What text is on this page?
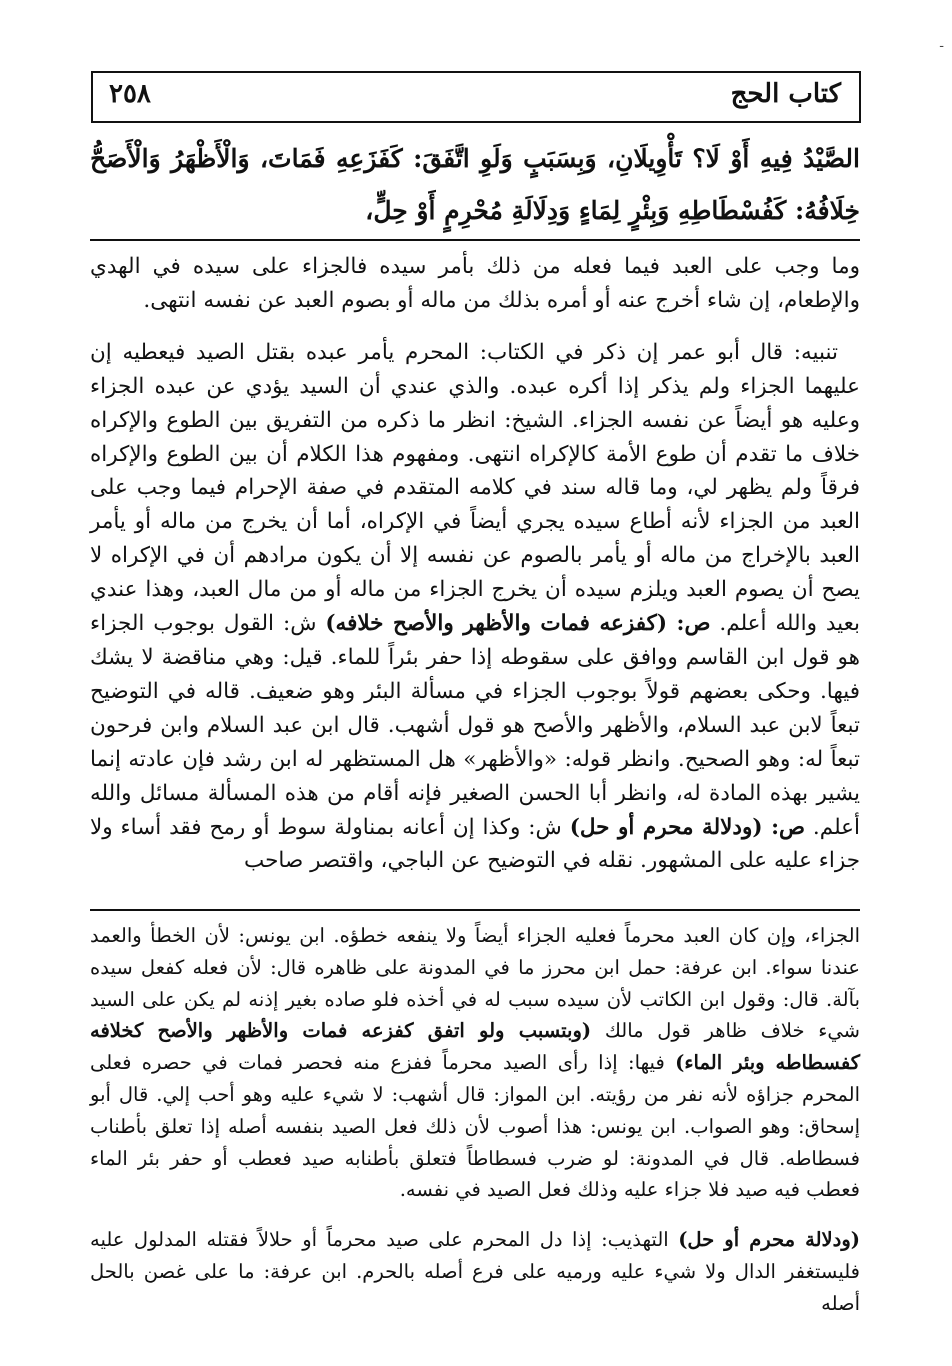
-
كتاب الحج
٢٥٨

الصَّيْدُ فِيهِ أَوْ لَا؟ تَأْوِيلَانِ، وَبِسَبَبٍ وَلَوِ اتَّفَقَ: كَفَزَعِهِ فَمَاتَ، وَالْأَظْهَرُ وَالْأَصَحُّ خِلَافُهُ: كَفُسْطَاطِهِ وَبِئْرٍ لِمَاءٍ وَدِلَالَةِ مُحْرِمٍ أَوْ حِلٍّ،

وما وجب على العبد فيما فعله من ذلك بأمر سيده فالجزاء على سيده في الهدي والإطعام، إن شاء أخرج عنه أو أمره بذلك من ماله أو بصوم العبد عن نفسه انتهى.

تنبيه: قال أبو عمر إن ذكر في الكتاب: المحرم يأمر عبده بقتل الصيد فيعطيه إن عليهما الجزاء ولم يذكر إذا أكره عبده. والذي عندي أن السيد يؤدي عن عبده الجزاء وعليه هو أيضاً عن نفسه الجزاء. الشيخ: انظر ما ذكره من التفريق بين الطوع والإكراه خلاف ما تقدم أن طوع الأمة كالإكراه انتهى. ومفهوم هذا الكلام أن بين الطوع والإكراه فرقاً ولم يظهر لي، وما قاله سند في كلامه المتقدم في صفة الإحرام فيما وجب على العبد من الجزاء لأنه أطاع سيده يجري أيضاً في الإكراه، أما أن يخرج من ماله أو يأمر العبد بالإخراج من ماله أو يأمر بالصوم عن نفسه إلا أن يكون مرادهم أن في الإكراه لا يصح أن يصوم العبد ويلزم سيده أن يخرج الجزاء من ماله أو من مال العبد، وهذا عندي بعيد والله أعلم. ص: (كفزعه فمات والأظهر والأصح خلافه) ش: القول بوجوب الجزاء هو قول ابن القاسم ووافق على سقوطه إذا حفر بئراً للماء. قيل: وهي مناقضة لا يشك فيها. وحكى بعضهم قولاً بوجوب الجزاء في مسألة البئر وهو ضعيف. قاله في التوضيح تبعاً لابن عبد السلام، والأظهر والأصح هو قول أشهب. قال ابن عبد السلام وابن فرحون تبعاً له: وهو الصحيح. وانظر قوله: «والأظهر» هل المستظهر له ابن رشد فإن عادته إنما يشير بهذه المادة له، وانظر أبا الحسن الصغير فإنه أقام من هذه المسألة مسائل والله أعلم. ص: (ودلالة محرم أو حل) ش: وكذا إن أعانه بمناولة سوط أو رمح فقد أساء ولا جزاء عليه على المشهور. نقله في التوضيح عن الباجي، واقتصر صاحب

الجزاء، وإن كان العبد محرماً فعليه الجزاء أيضاً ولا ينفعه خطؤه. ابن يونس: لأن الخطأ والعمد عندنا سواء. ابن عرفة: حمل ابن محرز ما في المدونة على ظاهره قال: لأن فعله كفعل سيده بآلة. قال: وقول ابن الكاتب لأن سيده سبب له في أخذه فلو صاده بغير إذنه لم يكن على السيد شيء خلاف ظاهر قول مالك (وبتسبب ولو اتفق كفزعه فمات والأظهر والأصح كخلافه كفسطاطه وبئر الماء) فيها: إذا رأى الصيد محرماً ففزع منه فحصر فمات في حصره فعلى المحرم جزاؤه لأنه نفر من رؤيته. ابن المواز: قال أشهب: لا شيء عليه وهو أحب إلي. قال أبو إسحاق: وهو الصواب. ابن يونس: هذا أصوب لأن ذلك فعل الصيد بنفسه أصله إذا تعلق بأطناب فسطاطه. قال في المدونة: لو ضرب فسطاطاً فتعلق بأطنابه صيد فعطب أو حفر بئر الماء فعطب فيه صيد فلا جزاء عليه وذلك فعل الصيد في نفسه.

(ودلالة محرم أو حل) التهذيب: إذا دل المحرم على صيد محرماً أو حلالاً فقتله المدلول عليه فليستغفر الدال ولا شيء عليه ورميه على فرع أصله بالحرم. ابن عرفة: ما على غصن بالحل أصله
